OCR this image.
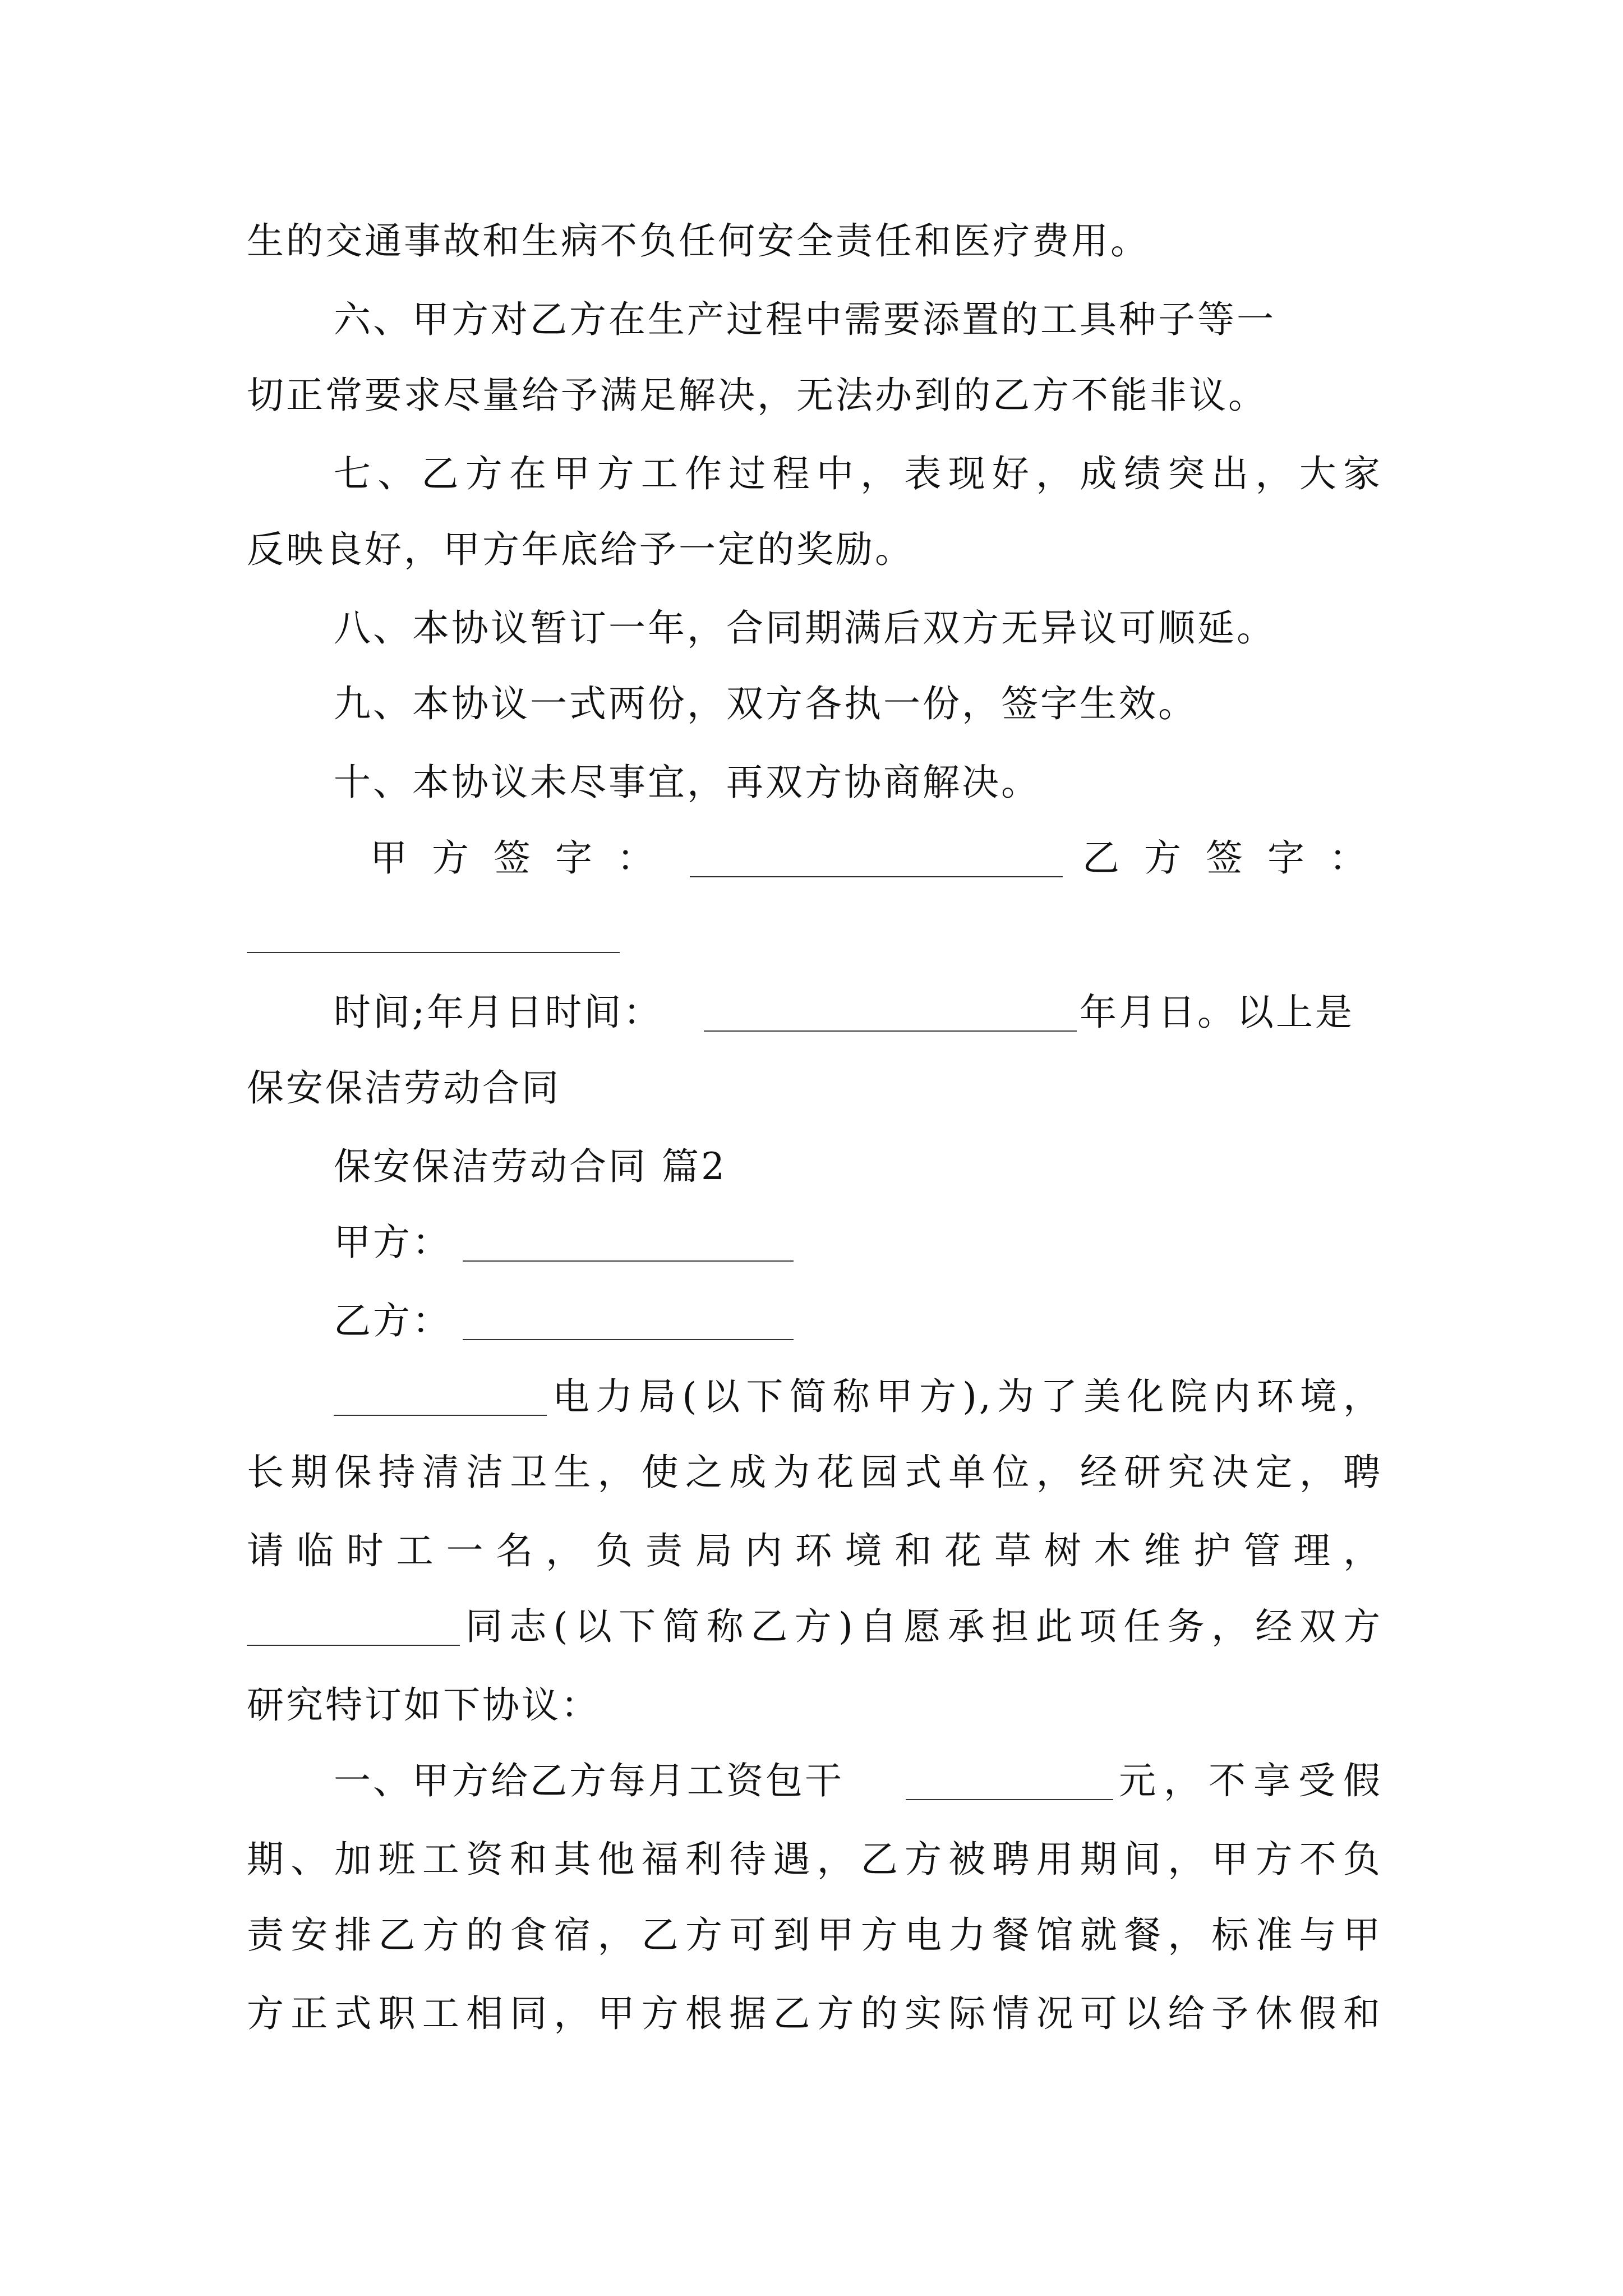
生的交通事故和生病不负任何安全责任和医疗费用。
六、甲方对乙方在生产过程中需要添置的工具种子等一
切正常要求尽量给予满足解决，无法办到的乙方不能非议。
七、乙方在甲方工作过程中，表现好，成绩突出，大家
反映良好，甲方年底给予一定的奖励。
八、本协议暂订一年，合同期满后双方无异议可顺延。
九、本协议一式两份，双方各执一份，签字生效。
十、本协议未尽事宜，再双方协商解决。
甲方签字：	乙方签字：
时间;年月日时间：	年月日。以上是
保安保洁劳动合同
保安保洁劳动合同 篇2
甲方：
乙方：
电力局(以下简称甲方),为了美化院内环境，
长期保持清洁卫生，使之成为花园式单位，经研究决定，聘
请临时工一名，负责局内环境和花草树木维护管理，
同志(以下简称乙方)自愿承担此项任务，经双方
研究特订如下协议：
一、甲方给乙方每月工资包干	元，不享受假
期、加班工资和其他福利待遇，乙方被聘用期间，甲方不负
责安排乙方的食宿，乙方可到甲方电力餐馆就餐，标准与甲
方正式职工相同，甲方根据乙方的实际情况可以给予休假和
